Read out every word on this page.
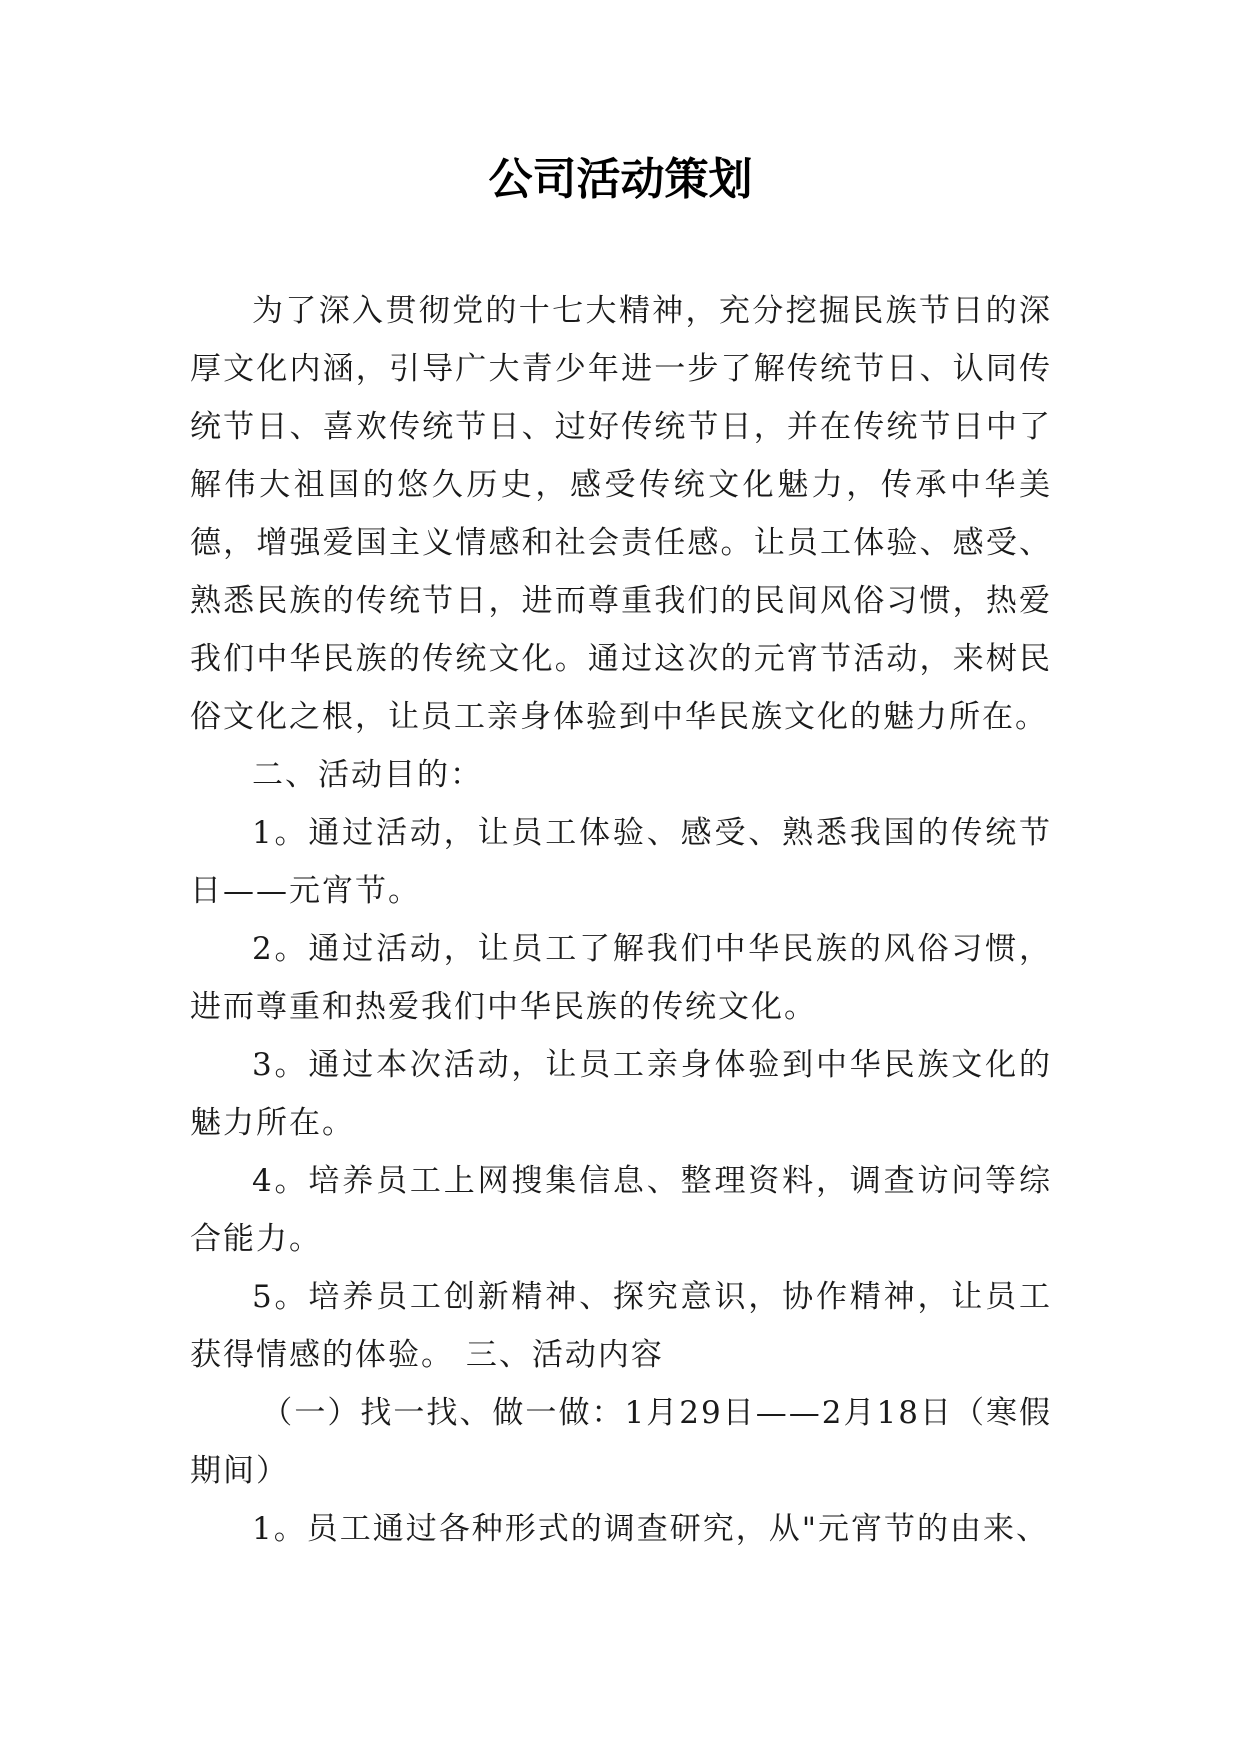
公司活动策划

为了深入贯彻党的十七大精神，充分挖掘民族节日的深厚文化内涵，引导广大青少年进一步了解传统节日、认同传统节日、喜欢传统节日、过好传统节日，并在传统节日中了解伟大祖国的悠久历史，感受传统文化魅力，传承中华美德，增强爱国主义情感和社会责任感。让员工体验、感受、熟悉民族的传统节日，进而尊重我们的民间风俗习惯，热爱我们中华民族的传统文化。通过这次的元宵节活动，来树民俗文化之根，让员工亲身体验到中华民族文化的魅力所在。

二、活动目的：

1。通过活动，让员工体验、感受、熟悉我国的传统节日——元宵节。

2。通过活动，让员工了解我们中华民族的风俗习惯，进而尊重和热爱我们中华民族的传统文化。

3。通过本次活动，让员工亲身体验到中华民族文化的魅力所在。

4。培养员工上网搜集信息、整理资料，调查访问等综合能力。

5。培养员工创新精神、探究意识，协作精神，让员工获得情感的体验。 三、活动内容

（一）找一找、做一做：1月29日——2月18日（寒假期间）

1。员工通过各种形式的调查研究，从"元宵节的由来、
